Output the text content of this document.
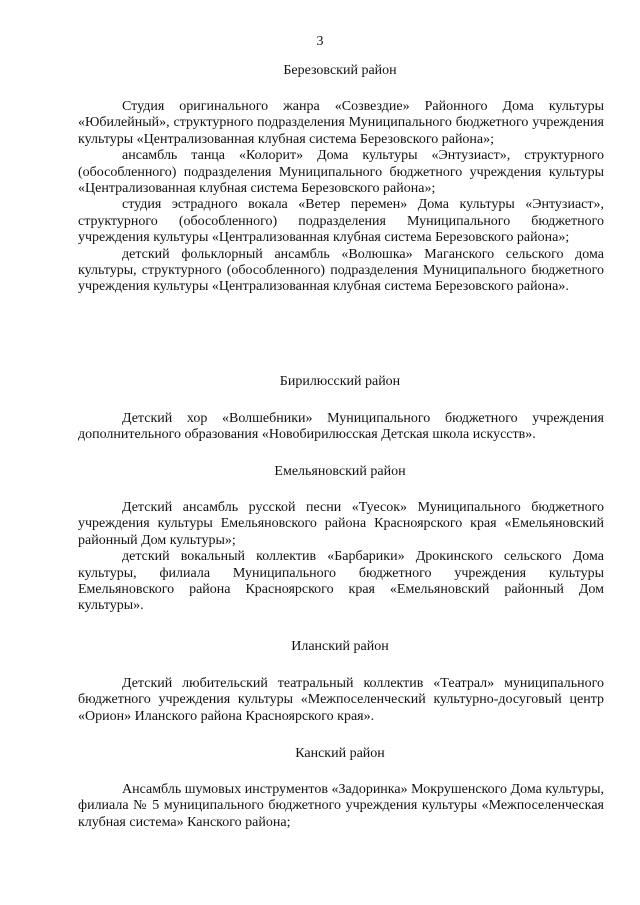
3
Березовский район

Студия оригинального жанра «Созвездие» Районного Дома культуры «Юбилейный», структурного подразделения Муниципального бюджетного учреждения культуры «Централизованная клубная система Березовского района»;

ансамбль танца «Колорит» Дома культуры «Энтузиаст», структурного (обособленного) подразделения Муниципального бюджетного учреждения культуры «Централизованная клубная система Березовского района»;

студия эстрадного вокала «Ветер перемен» Дома культуры «Энтузиаст», структурного (обособленного) подразделения Муниципального бюджетного учреждения культуры «Централизованная клубная система Березовского района»;

детский фольклорный ансамбль «Волюшка» Маганского сельского дома культуры, структурного (обособленного) подразделения Муниципального бюджетного учреждения культуры «Централизованная клубная система Березовского района».

Бирилюсский район

Детский хор «Волшебники» Муниципального бюджетного учреждения дополнительного образования «Новобирилюсская Детская школа искусств».

Емельяновский район

Детский ансамбль русской песни «Туесок» Муниципального бюджетного учреждения культуры Емельяновского района Красноярского края «Емельяновский районный Дом культуры»;

детский вокальный коллектив «Барбарики» Дрокинского сельского Дома культуры, филиала Муниципального бюджетного учреждения культуры Емельяновского района Красноярского края «Емельяновский районный Дом культуры».

Иланский район

Детский любительский театральный коллектив «Театрал» муниципального бюджетного учреждения культуры «Межпоселенческий культурно-досуговый центр «Орион» Иланского района Красноярского края».

Канский район

Ансамбль шумовых инструментов «Задоринка» Мокрушенского Дома культуры, филиала № 5 муниципального бюджетного учреждения культуры «Межпоселенческая клубная система» Канского района;
